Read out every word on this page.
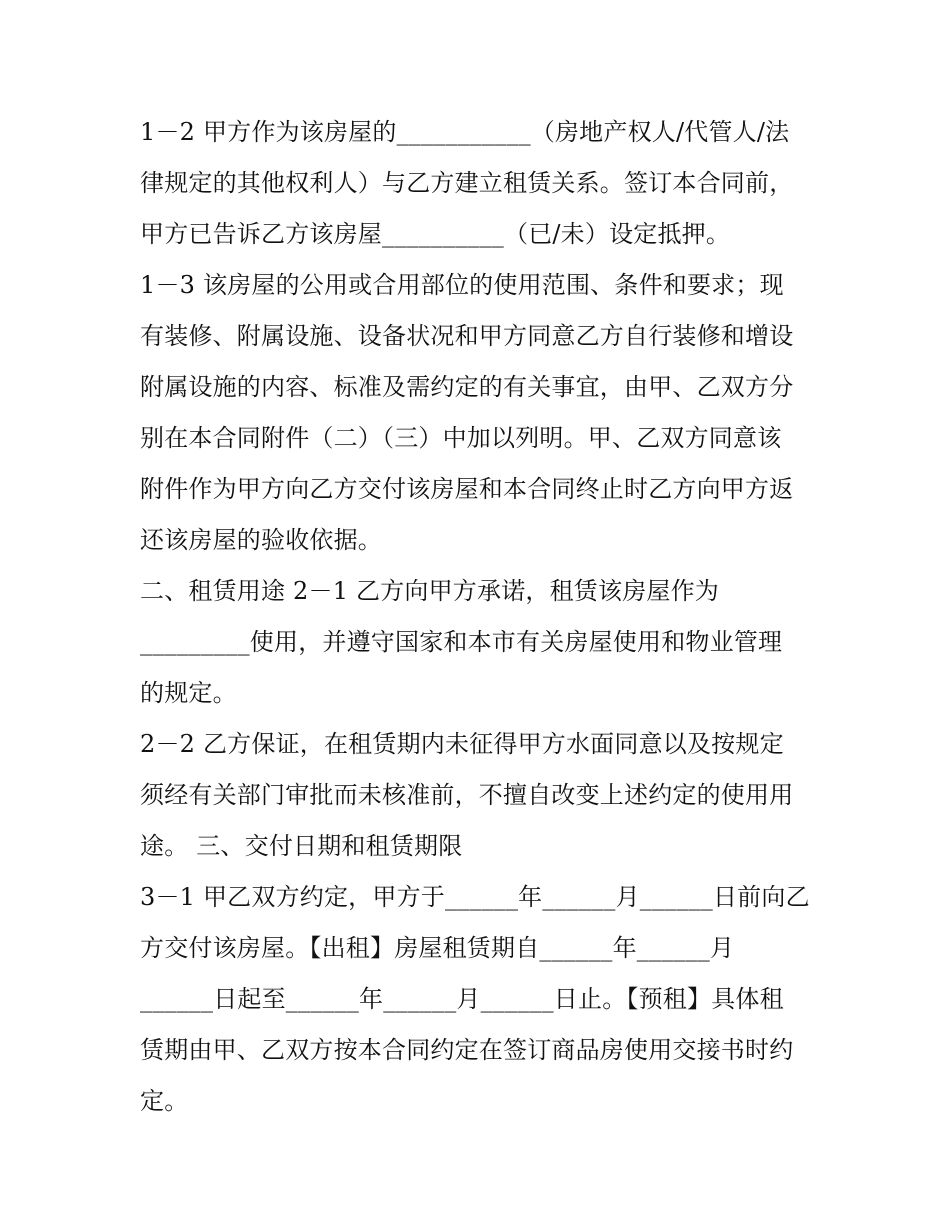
1－2 甲方作为该房屋的___________（房地产权人/代管人/法
律规定的其他权利人）与乙方建立租赁关系。签订本合同前，
甲方已告诉乙方该房屋__________（已/未）设定抵押。
1－3 该房屋的公用或合用部位的使用范围、条件和要求；现
有装修、附属设施、设备状况和甲方同意乙方自行装修和增设
附属设施的内容、标准及需约定的有关事宜，由甲、乙双方分
别在本合同附件（二）（三）中加以列明。甲、乙双方同意该
附件作为甲方向乙方交付该房屋和本合同终止时乙方向甲方返
还该房屋的验收依据。
二、租赁用途 2－1 乙方向甲方承诺，租赁该房屋作为
_________使用，并遵守国家和本市有关房屋使用和物业管理
的规定。
2－2 乙方保证，在租赁期内未征得甲方水面同意以及按规定
须经有关部门审批而未核准前，不擅自改变上述约定的使用用
途。 三、交付日期和租赁期限
3－1 甲乙双方约定，甲方于______年______月______日前向乙
方交付该房屋。【出租】房屋租赁期自______年______月
______日起至______年______月______日止。【预租】具体租
赁期由甲、乙双方按本合同约定在签订商品房使用交接书时约
定。
